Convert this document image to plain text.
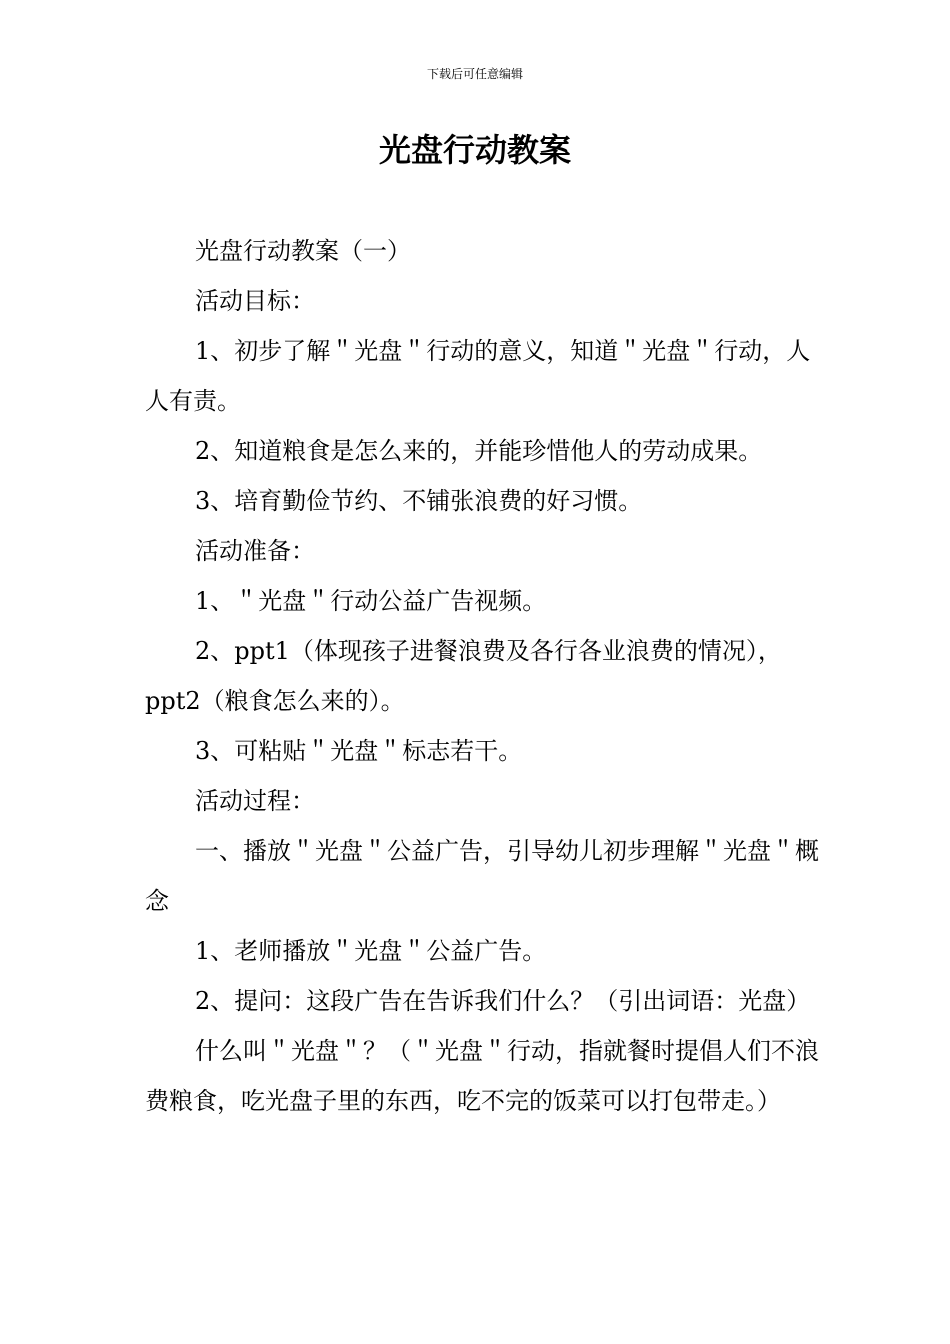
下载后可任意编辑
光盘行动教案

光盘行动教案（一）

活动目标：

1、初步了解＂光盘＂行动的意义，知道＂光盘＂行动，人人有责。

2、知道粮食是怎么来的，并能珍惜他人的劳动成果。

3、培育勤俭节约、不铺张浪费的好习惯。

活动准备：

1、＂光盘＂行动公益广告视频。

2、ppt1（体现孩子进餐浪费及各行各业浪费的情况），ppt2（粮食怎么来的）。

3、可粘贴＂光盘＂标志若干。

活动过程：

一、播放＂光盘＂公益广告，引导幼儿初步理解＂光盘＂概念

1、老师播放＂光盘＂公益广告。

2、提问：这段广告在告诉我们什么？（引出词语：光盘）

什么叫＂光盘＂？（＂光盘＂行动，指就餐时提倡人们不浪费粮食，吃光盘子里的东西，吃不完的饭菜可以打包带走。）
